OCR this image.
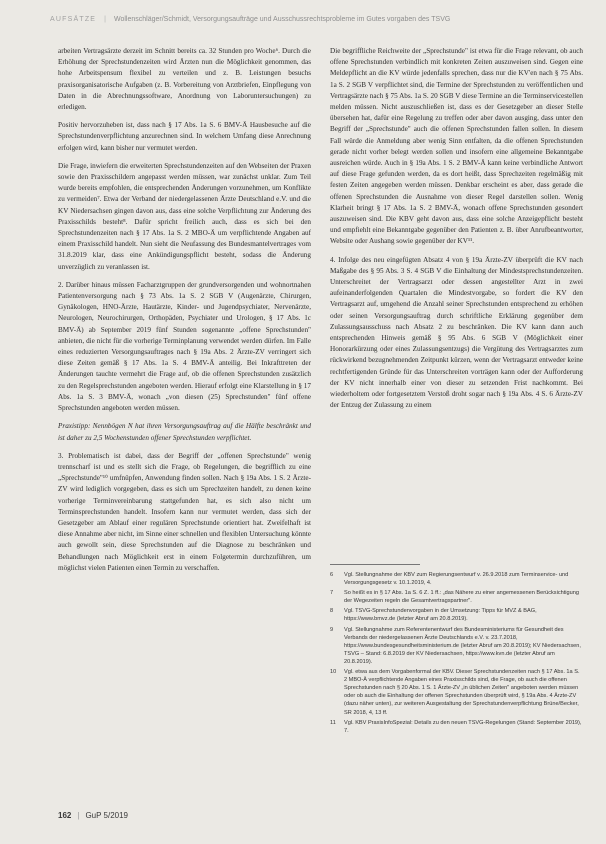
AUFSÄTZE | Wollenschläger/Schmidt, Versorgungsaufträge und Ausschussrechtsprobleme im Gutes vorgaben des TSVG

arbeiten Vertragsärzte derzeit im Schnitt bereits ca. 32 Stunden pro Woche⁶. Durch die Erhöhung der Sprechstundenzeiten wird Ärzten nun die Möglichkeit genommen, das hohe Arbeitspensum flexibel zu verteilen und z. B. Leistungen besuchs praxisorganisatorische Aufgaben (z. B. Vorbereitung von Arztbriefen, Einpflegung von Daten in die Abrechnungssoftware, Anordnung von Laboruntersuchungen) zu erledigen.

Positiv hervorzuheben ist, dass nach § 17 Abs. 1a S. 6 BMV-Ä Hausbesuche auf die Sprechstundenverpflichtung anzurechnen sind. In welchem Umfang diese Anrechnung erfolgen wird, kann bisher nur vermutet werden.

Die Frage, inwiefern die erweiterten Sprechstundenzeiten auf den Webseiten der Praxen sowie den Praxisschildern angepasst werden müssen, war zunächst unklar. Zum Teil wurde bereits empfohlen, die entsprechenden Änderungen vorzunehmen, um Konflikte zu vermeiden⁷. Etwa der Verband der niedergelassenen Ärzte Deutschland e.V. und die KV Niedersachsen gingen davon aus, dass eine solche Verpflichtung zur Änderung des Praxisschilds besteht⁸. Dafür spricht freilich auch, dass es sich bei den Sprechstundenzeiten nach § 17 Abs. 1a S. 2 MBO-Ä um verpflichtende Angaben auf einem Praxisschild handelt. Nun sieht die Neufassung des Bundesmantelvertrages vom 31.8.2019 klar, dass eine Ankündigungspflicht besteht, sodass die Änderung unverzüglich zu veranlassen ist.

2. Darüber hinaus müssen Facharztgruppen der grundversorgenden und wohnortnahen Patientenversorgung nach § 73 Abs. 1a S. 2 SGB V (Augenärzte, Chirurgen, Gynäkologen, HNO-Ärzte, Hautärzte, Kinder- und Jugendpsychiater, Nervenärzte, Neurologen, Neurochirurgen, Orthopäden, Psychiater und Urologen, § 17 Abs. 1c BMV-Ä) ab September 2019 fünf Stunden sogenannte „offene Sprechstunden" anbieten, die nicht für die vorherige Terminplanung verwendet werden dürfen. Im Falle eines reduzierten Versorgungsauftrages nach § 19a Abs. 2 Ärzte-ZV verringert sich diese Zeiten gemäß § 17 Abs. 1a S. 4 BMV-Ä anteilig. Bei Inkrafttreten der Änderungen tauchte vermehrt die Frage auf, ob die offenen Sprechstunden zusätzlich zu den Regelsprechstunden angeboten werden. Hierauf erfolgt eine Klarstellung in § 17 Abs. 1a S. 3 BMV-Ä, wonach „von diesen (25) Sprechstunden" fünf offene Sprechstunden angeboten werden müssen.

Praxistipp: Nennbögen N hat ihren Versorgungsauftrag auf die Hälfte beschränkt und ist daher zu 2,5 Wochenstunden offener Sprechstunden verpflichtet.

3. Problematisch ist dabei, dass der Begriff der „offenen Sprechstunde" wenig trennscharf ist und es stellt sich die Frage, ob Regelungen, die begrifflich zu eine „Sprechstunde"¹⁰ umfnüpfen, Anwendung finden sollen. Nach § 19a Abs. 1 S. 2 Ärzte-ZV wird lediglich vorgegeben, dass es sich um Sprechzeiten handelt, zu denen keine vorherige Terminvereinbarung stattgefunden hat, es sich also nicht um Terminsprechstunden handelt. Insofern kann nur vermutet werden, dass sich der Gesetzgeber am Ablauf einer regulären Sprechstunde orientiert hat. Zweifelhaft ist diese Annahme aber nicht, im Sinne einer schnellen und flexiblen Untersuchung könnte auch gewollt sein, diese Sprechstunden auf die Diagnose zu beschränken und Behandlungen nach Möglichkeit erst in einem Folgetermin durchzuführen, um möglichst vielen Patienten einen Termin zu verschaffen.

Die begriffliche Reichweite der „Sprechstunde" ist etwa für die Frage relevant, ob auch offene Sprechstunden verbindlich mit konkreten Zeiten auszuweisen sind. Gegen eine Meldepflicht an die KV würde jedenfalls sprechen, dass nur die KV'en nach § 75 Abs. 1a S. 2 SGB V verpflichtet sind, die Termine der Sprechstunden zu veröffentlichen und Vertragsärzte nach § 75 Abs. 1a S. 20 SGB V diese Termine an die Terminservicestellen melden müssen. Nicht auszuschließen ist, dass es der Gesetzgeber an dieser Stelle übersehen hat, dafür eine Regelung zu treffen oder aber davon ausging, dass unter den Begriff der „Sprechstunde" auch die offenen Sprechstunden fallen sollen. In diesem Fall würde die Anmeldung aber wenig Sinn entfalten, da die offenen Sprechstunden gerade nicht vorher belegt werden sollen und insofern eine allgemeine Bekanntgabe ausreichen würde. Auch in § 19a Abs. 1 S. 2 BMV-Ä kann keine verbindliche Antwort auf diese Frage gefunden werden, da es dort heißt, dass Sprechzeiten regelmäßig mit festen Zeiten angegeben werden müssen. Denkbar erscheint es aber, dass gerade die offenen Sprechstunden die Ausnahme von dieser Regel darstellen sollen. Wenig Klarheit bringt § 17 Abs. 1a S. 2 BMV-Ä, wonach offene Sprechstunden gesondert auszuweisen sind. Die KBV geht davon aus, dass eine solche Anzeigepflicht besteht und empfiehlt eine Bekanntgabe gegenüber den Patienten z. B. über Anrufbeantworter, Website oder Aushang sowie gegenüber der KV¹¹.

4. Infolge des neu eingefügten Absatz 4 von § 19a Ärzte-ZV überprüft die KV nach Maßgabe des § 95 Abs. 3 S. 4 SGB V die Einhaltung der Mindestsprechstundenzeiten. Unterschreitet der Vertragsarzt oder dessen angestellter Arzt in zwei aufeinanderfolgenden Quartalen die Mindestvorgabe, so fordert die KV den Vertragsarzt auf, umgehend die Anzahl seiner Sprechstunden entsprechend zu erhöhen oder seinen Versorgungsauftrag durch schriftliche Erklärung gegenüber dem Zulassungsausschuss nach Absatz 2 zu beschränken. Die KV kann dann auch entsprechenden Hinweis gemäß § 95 Abs. 6 SGB V (Möglichkeit einer Honorarkürzung oder eines Zulassungsentzugs) die Vergütung des Vertragsarztes zum rückwirkend bezugnehmenden Zeitpunkt kürzen, wenn der Vertragsarzt entweder keine rechtfertigenden Gründe für das Unterschreiten vorträgen kann oder der Aufforderung der KV nicht innerhalb einer von dieser zu setzenden Frist nachkommt. Bei wiederholtem oder fortgesetztem Verstoß droht sogar nach § 19a Abs. 4 S. 6 Ärzte-ZV der Entzug der Zulassung zu einem

6	Vgl. Stellungnahme der KBV zum Regierungsentwurf v. 26.9.2018 zum Terminservice- und Versorgungsgesetz v. 10.1.2019, 4.
7	So heißt es in § 17 Abs. 1a S. 6 Z. 1 ff.: „das Nähere zu einer angemessenen Berücksichtigung der Wegezeiten regeln die Gesamtvertragspartner".
8	Vgl. TSVG-Sprechstundenvorgaben in der Umsetzung: Tipps für MVZ & BAG, https://www.bmvz.de (letzter Abruf am 20.8.2019).
9	Vgl. Stellungnahme zum Referentenentwurf des Bundesministeriums für Gesundheit des Verbands der niedergelassenen Ärzte Deutschlands e.V. v. 23.7.2018, https://www.bundesgesundheitsministerium.de (letzter Abruf am 20.8.2019); KV Niedersachsen, TSVG – Stand: 6.8.2019 der KV Niedersachsen, https://www.kvn.de (letzter Abruf am 20.8.2019).
10	Vgl. etwa aus dem Vorgabenformal der KBV. Dieser Sprechstundenzeiten nach § 17 Abs. 1a S. 2 MBO-Ä verpflichtende Angaben eines Praxisschilds sind, die Frage, ob auch die offenen Sprechstunden nach § 20 Abs. 1 S. 1 Ärzte-ZV „in üblichen Zeiten" angeboten werden müssen oder ob auch die Einhaltung der offenen Sprechstunden überprüft wird, § 19a Abs. 4 Ärzte-ZV (dazu näher unten), zur weiteren Ausgestaltung der Sprechstundenverpflichtung Brüne/Becker, SR 2018, 4, 13 ff.
11	Vgl. KBV PraxisInfoSpezial: Details zu den neuen TSVG-Regelungen (Stand: September 2019), 7.
162 | GuP 5/2019
